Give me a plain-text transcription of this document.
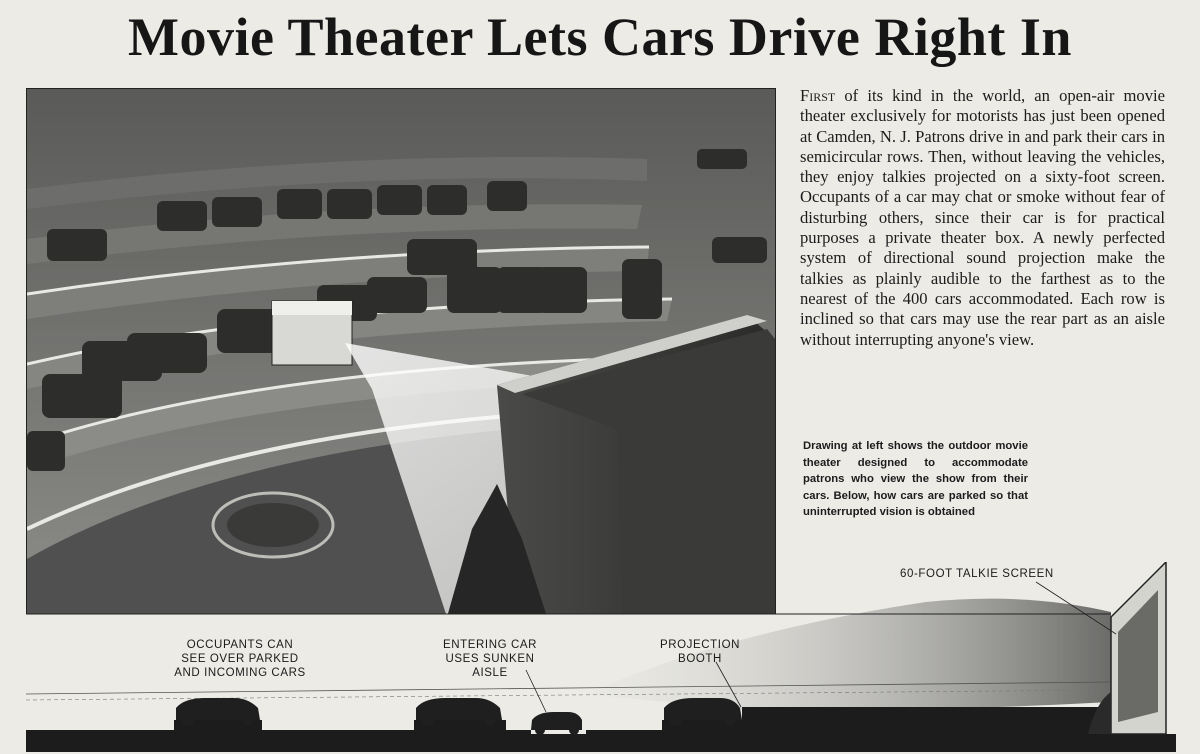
Movie Theater Lets Cars Drive Right In

First of its kind in the world, an open-air movie theater exclusively for motorists has just been opened at Camden, N. J. Patrons drive in and park their cars in semicircular rows. Then, without leaving the vehicles, they enjoy talkies projected on a sixty-foot screen. Occupants of a car may chat or smoke without fear of disturbing others, since their car is for practical purposes a private theater box. A newly perfected system of directional sound projection make the talkies as plainly audible to the farthest as to the nearest of the 400 cars accommodated. Each row is inclined so that cars may use the rear part as an aisle without interrupting anyone's view.

Drawing at left shows the outdoor movie theater designed to accommodate patrons who view the show from their cars. Below, how cars are parked so that uninterrupted vision is obtained

60-FOOT TALKIE SCREEN
OCCUPANTS CAN
SEE OVER PARKED
AND INCOMING CARS
ENTERING CAR
USES SUNKEN
AISLE
PROJECTION
BOOTH
